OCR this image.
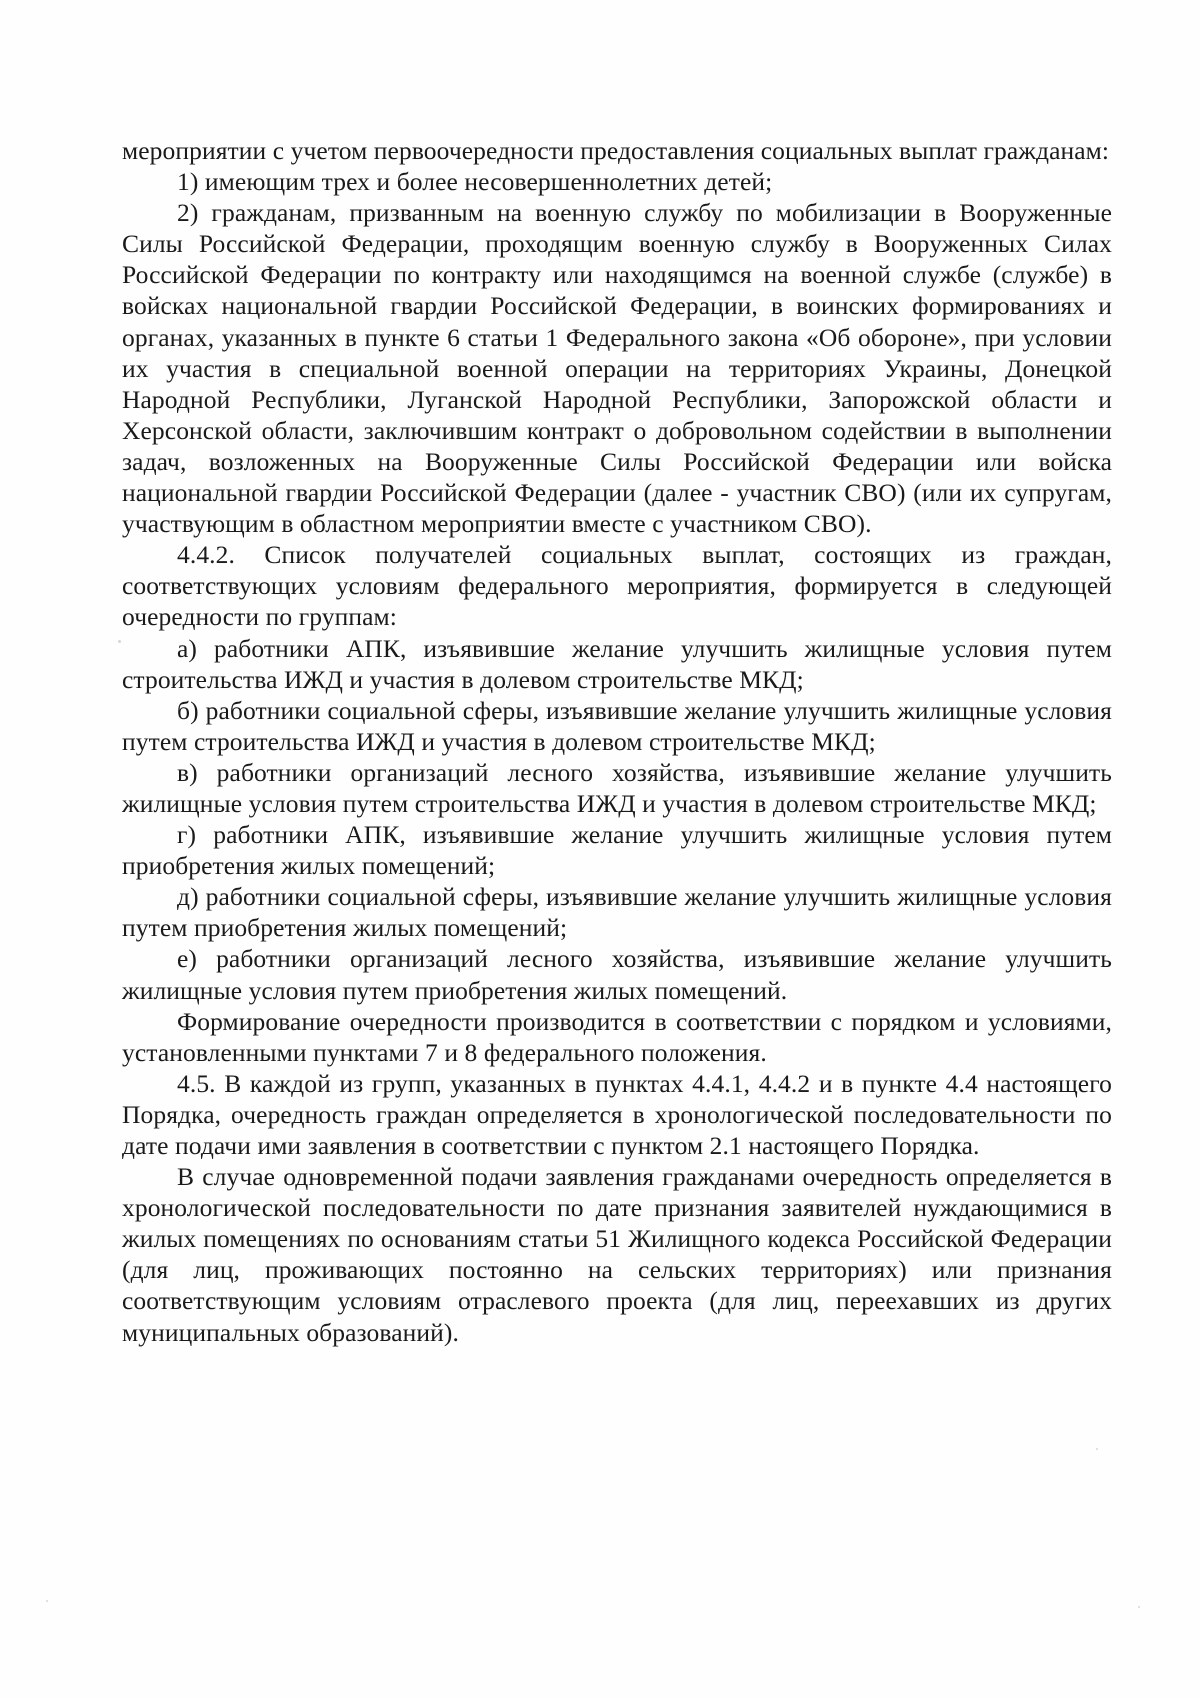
мероприятии с учетом первоочередности предоставления социальных выплат гражданам:

1) имеющим трех и более несовершеннолетних детей;

2) гражданам, призванным на военную службу по мобилизации в Вооруженные Силы Российской Федерации, проходящим военную службу в Вооруженных Силах Российской Федерации по контракту или находящимся на военной службе (службе) в войсках национальной гвардии Российской Федерации, в воинских формированиях и органах, указанных в пункте 6 статьи 1 Федерального закона «Об обороне», при условии их участия в специальной военной операции на территориях Украины, Донецкой Народной Республики, Луганской Народной Республики, Запорожской области и Херсонской области, заключившим контракт о добровольном содействии в выполнении задач, возложенных на Вооруженные Силы Российской Федерации или войска национальной гвардии Российской Федерации (далее - участник СВО) (или их супругам, участвующим в областном мероприятии вместе с участником СВО).

4.4.2. Список получателей социальных выплат, состоящих из граждан, соответствующих условиям федерального мероприятия, формируется в следующей очередности по группам:

а) работники АПК, изъявившие желание улучшить жилищные условия путем строительства ИЖД и участия в долевом строительстве МКД;

б) работники социальной сферы, изъявившие желание улучшить жилищные условия путем строительства ИЖД и участия в долевом строительстве МКД;

в) работники организаций лесного хозяйства, изъявившие желание улучшить жилищные условия путем строительства ИЖД и участия в долевом строительстве МКД;

г) работники АПК, изъявившие желание улучшить жилищные условия путем приобретения жилых помещений;

д) работники социальной сферы, изъявившие желание улучшить жилищные условия путем приобретения жилых помещений;

е) работники организаций лесного хозяйства, изъявившие желание улучшить жилищные условия путем приобретения жилых помещений.

Формирование очередности производится в соответствии с порядком и условиями, установленными пунктами 7 и 8 федерального положения.

4.5. В каждой из групп, указанных в пунктах 4.4.1, 4.4.2 и в пункте 4.4 настоящего Порядка, очередность граждан определяется в хронологической последовательности по дате подачи ими заявления в соответствии с пунктом 2.1 настоящего Порядка.

В случае одновременной подачи заявления гражданами очередность определяется в хронологической последовательности по дате признания заявителей нуждающимися в жилых помещениях по основаниям статьи 51 Жилищного кодекса Российской Федерации (для лиц, проживающих постоянно на сельских территориях) или признания соответствующим условиям отраслевого проекта (для лиц, переехавших из других муниципальных образований).
